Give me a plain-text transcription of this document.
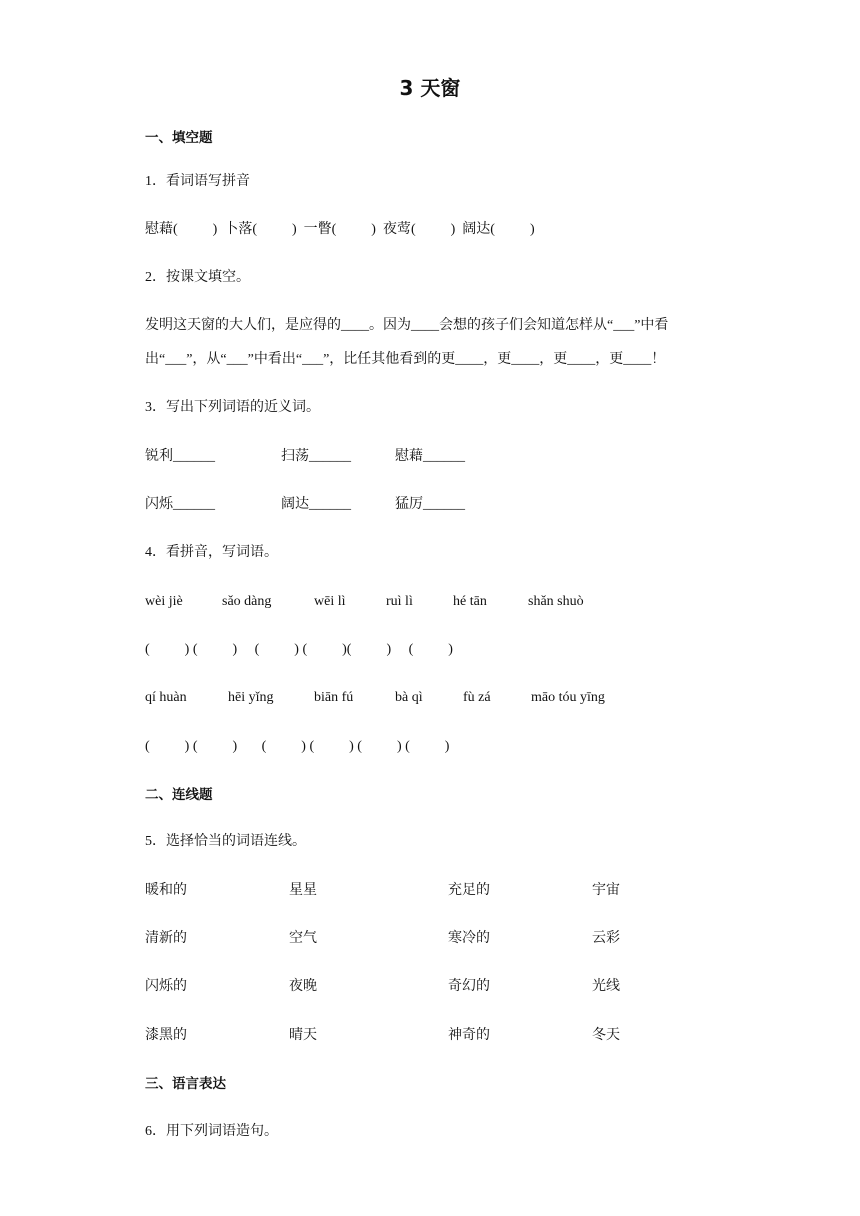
3 天窗
一、填空题
1．看词语写拼音
慰藉(          )  卜落(          )  一瞥(          )  夜莺(          )  阔达(          )
2．按课文填空。
发明这天窗的大人们，是应得的____。因为____会想的孩子们会知道怎样从“___”中看
出“___”，从“___”中看出“___”，比任其他看到的更____，更____，更____，更____！
3．写出下列词语的近义词。
锐利______	扫荡______	慰藉______
闪烁______	阔达______	猛厉______
4．看拼音，写词语。
wèi jiè	sǎo dàng	wēi lì	ruì lì	hé tān	shǎn shuò
(          ) (          )     (          ) (          )(          )     (          )
qí huàn	hēi yǐng	biān fú	bà qì	fù zá	māo tóu yīng
(          ) (          )       (          ) (          ) (          ) (          )
二、连线题
5．选择恰当的词语连线。
暖和的	星星	充足的	宇宙
清新的	空气	寒冷的	云彩
闪烁的	夜晚	奇幻的	光线
漆黑的	晴天	神奇的	冬天
三、语言表达
6．用下列词语造句。
